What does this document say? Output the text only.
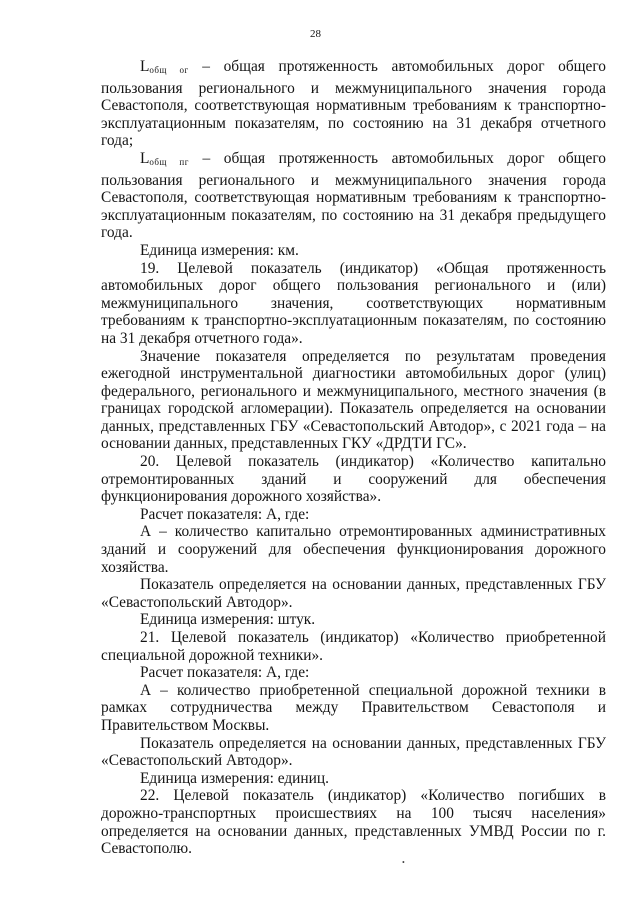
28

$L_{общ ог}$ – общая протяженность автомобильных дорог общего пользования регионального и межмуниципального значения города Севастополя, соответствующая нормативным требованиям к транспортно-эксплуатационным показателям, по состоянию на 31 декабря отчетного года;

$L_{общ пг}$ – общая протяженность автомобильных дорог общего пользования регионального и межмуниципального значения города Севастополя, соответствующая нормативным требованиям к транспортно-эксплуатационным показателям, по состоянию на 31 декабря предыдущего года.

Единица измерения: км.

19. Целевой показатель (индикатор) «Общая протяженность автомобильных дорог общего пользования регионального и (или) межмуниципального значения, соответствующих нормативным требованиям к транспортно-эксплуатационным показателям, по состоянию на 31 декабря отчетного года».

Значение показателя определяется по результатам проведения ежегодной инструментальной диагностики автомобильных дорог (улиц) федерального, регионального и межмуниципального, местного значения (в границах городской агломерации). Показатель определяется на основании данных, представленных ГБУ «Севастопольский Автодор», с 2021 года – на основании данных, представленных ГКУ «ДРДТИ ГС».

20. Целевой показатель (индикатор) «Количество капитально отремонтированных зданий и сооружений для обеспечения функционирования дорожного хозяйства».

Расчет показателя: А, где:

А – количество капитально отремонтированных административных зданий и сооружений для обеспечения функционирования дорожного хозяйства.

Показатель определяется на основании данных, представленных ГБУ «Севастопольский Автодор».

Единица измерения: штук.

21. Целевой показатель (индикатор) «Количество приобретенной специальной дорожной техники».

Расчет показателя: А, где:

А – количество приобретенной специальной дорожной техники в рамках сотрудничества между Правительством Севастополя и Правительством Москвы.

Показатель определяется на основании данных, представленных ГБУ «Севастопольский Автодор».

Единица измерения: единиц.

22. Целевой показатель (индикатор) «Количество погибших в дорожно-транспортных происшествиях на 100 тысяч населения» определяется на основании данных, представленных УМВД России по г. Севастополю.

•
